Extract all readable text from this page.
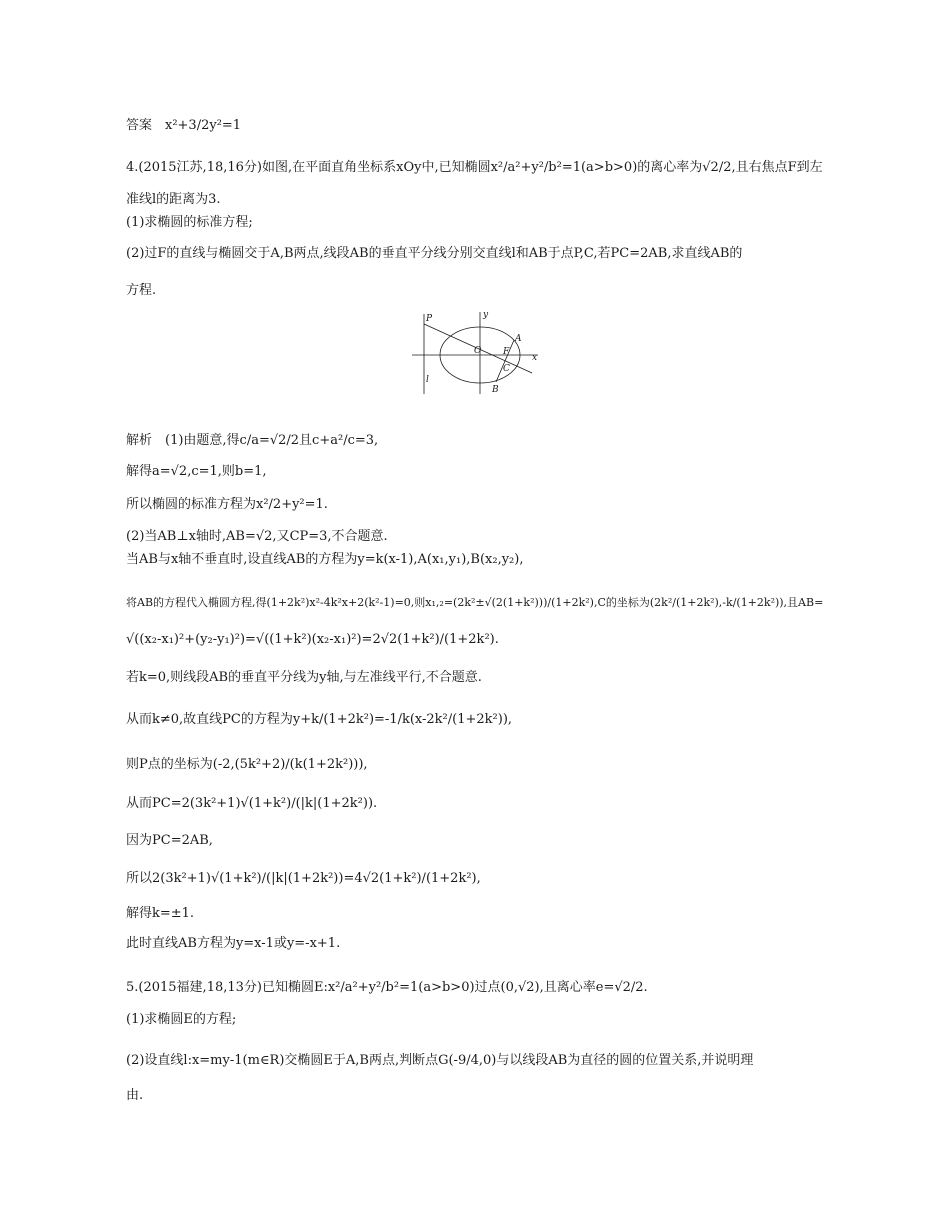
答案　x²+3/2y²=1
4.(2015江苏,18,16分)如图,在平面直角坐标系xOy中,已知椭圆x²/a²+y²/b²=1(a>b>0)的离心率为√2/2,且右焦点F到左
准线l的距离为3.
(1)求椭圆的标准方程;
(2)过F的直线与椭圆交于A,B两点,线段AB的垂直平分线分别交直线l和AB于点P,C,若PC=2AB,求直线AB的
方程.
P	y
A
O F
x
C
l
B
解析　(1)由题意,得c/a=√2/2且c+a²/c=3,
解得a=√2,c=1,则b=1,
所以椭圆的标准方程为x²/2+y²=1.
(2)当AB⊥x轴时,AB=√2,又CP=3,不合题意.
当AB与x轴不垂直时,设直线AB的方程为y=k(x-1),A(x₁,y₁),B(x₂,y₂),
将AB的方程代入椭圆方程,得(1+2k²)x²-4k²x+2(k²-1)=0,则x₁,₂=(2k²±√(2(1+k²)))/(1+2k²),C的坐标为(2k²/(1+2k²),-k/(1+2k²)),且AB=
√((x₂-x₁)²+(y₂-y₁)²)=√((1+k²)(x₂-x₁)²)=2√2(1+k²)/(1+2k²).
若k=0,则线段AB的垂直平分线为y轴,与左准线平行,不合题意.
从而k≠0,故直线PC的方程为y+k/(1+2k²)=-1/k(x-2k²/(1+2k²)),
则P点的坐标为(-2,(5k²+2)/(k(1+2k²))),
从而PC=2(3k²+1)√(1+k²)/(|k|(1+2k²)).
因为PC=2AB,
所以2(3k²+1)√(1+k²)/(|k|(1+2k²))=4√2(1+k²)/(1+2k²),
解得k=±1.
此时直线AB方程为y=x-1或y=-x+1.
5.(2015福建,18,13分)已知椭圆E:x²/a²+y²/b²=1(a>b>0)过点(0,√2),且离心率e=√2/2.
(1)求椭圆E的方程;
(2)设直线l:x=my-1(m∈R)交椭圆E于A,B两点,判断点G(-9/4,0)与以线段AB为直径的圆的位置关系,并说明理
由.
